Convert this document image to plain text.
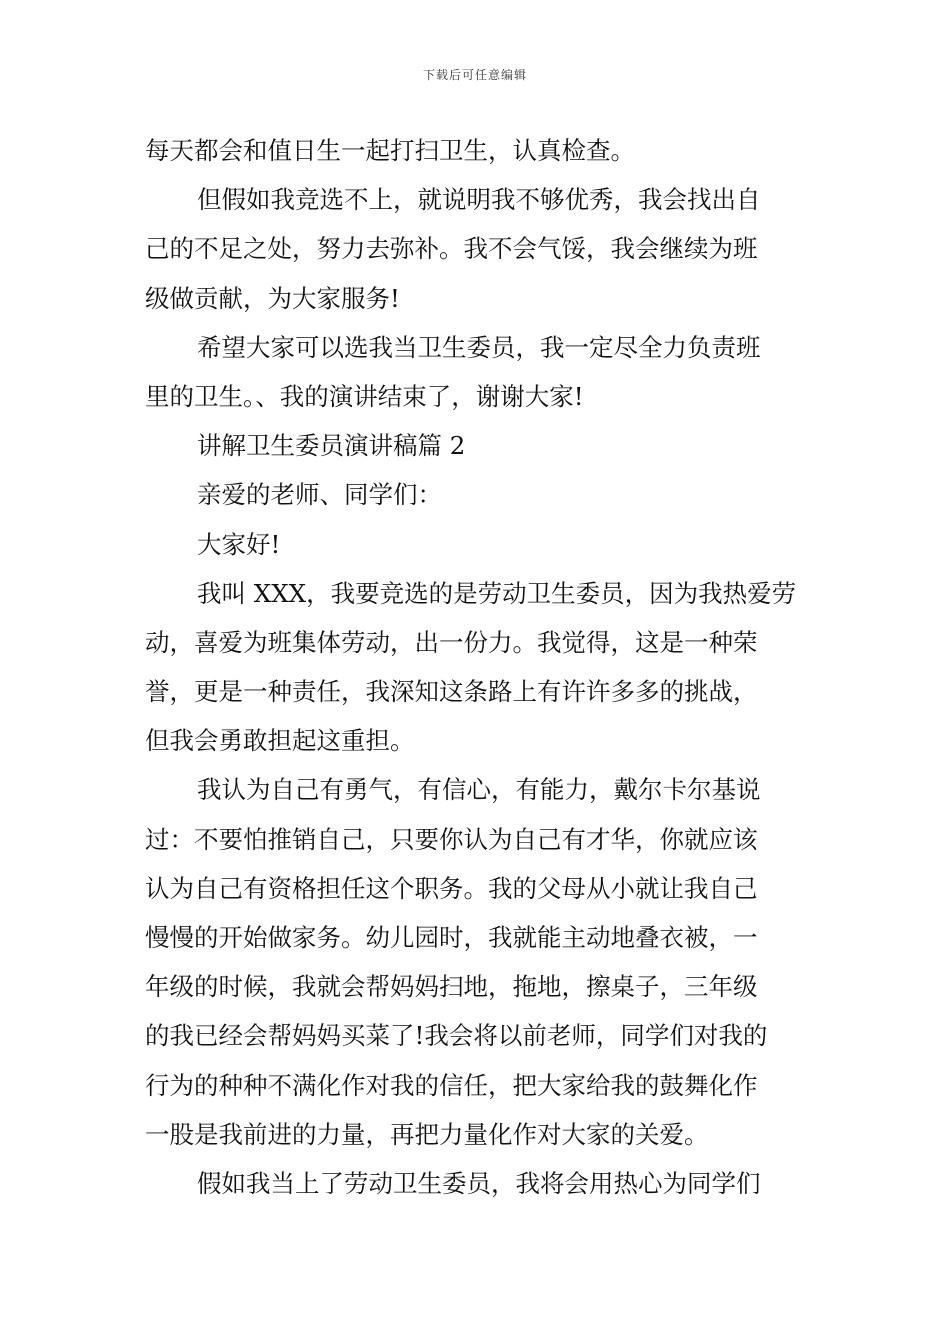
下载后可任意编辑
每天都会和值日生一起打扫卫生，认真检查。
但假如我竞选不上，就说明我不够优秀，我会找出自
己的不足之处，努力去弥补。我不会气馁，我会继续为班
级做贡献，为大家服务!
希望大家可以选我当卫生委员，我一定尽全力负责班
里的卫生。、我的演讲结束了，谢谢大家!
讲解卫生委员演讲稿篇 2
亲爱的老师、同学们：
大家好!
我叫 XXX，我要竞选的是劳动卫生委员，因为我热爱劳
动，喜爱为班集体劳动，出一份力。我觉得，这是一种荣
誉，更是一种责任，我深知这条路上有许许多多的挑战，
但我会勇敢担起这重担。
我认为自己有勇气，有信心，有能力，戴尔卡尔基说
过：不要怕推销自己，只要你认为自己有才华，你就应该
认为自己有资格担任这个职务。我的父母从小就让我自己
慢慢的开始做家务。幼儿园时，我就能主动地叠衣被，一
年级的时候，我就会帮妈妈扫地，拖地，擦桌子，三年级
的我已经会帮妈妈买菜了!我会将以前老师，同学们对我的
行为的种种不满化作对我的信任，把大家给我的鼓舞化作
一股是我前进的力量，再把力量化作对大家的关爱。
假如我当上了劳动卫生委员，我将会用热心为同学们
